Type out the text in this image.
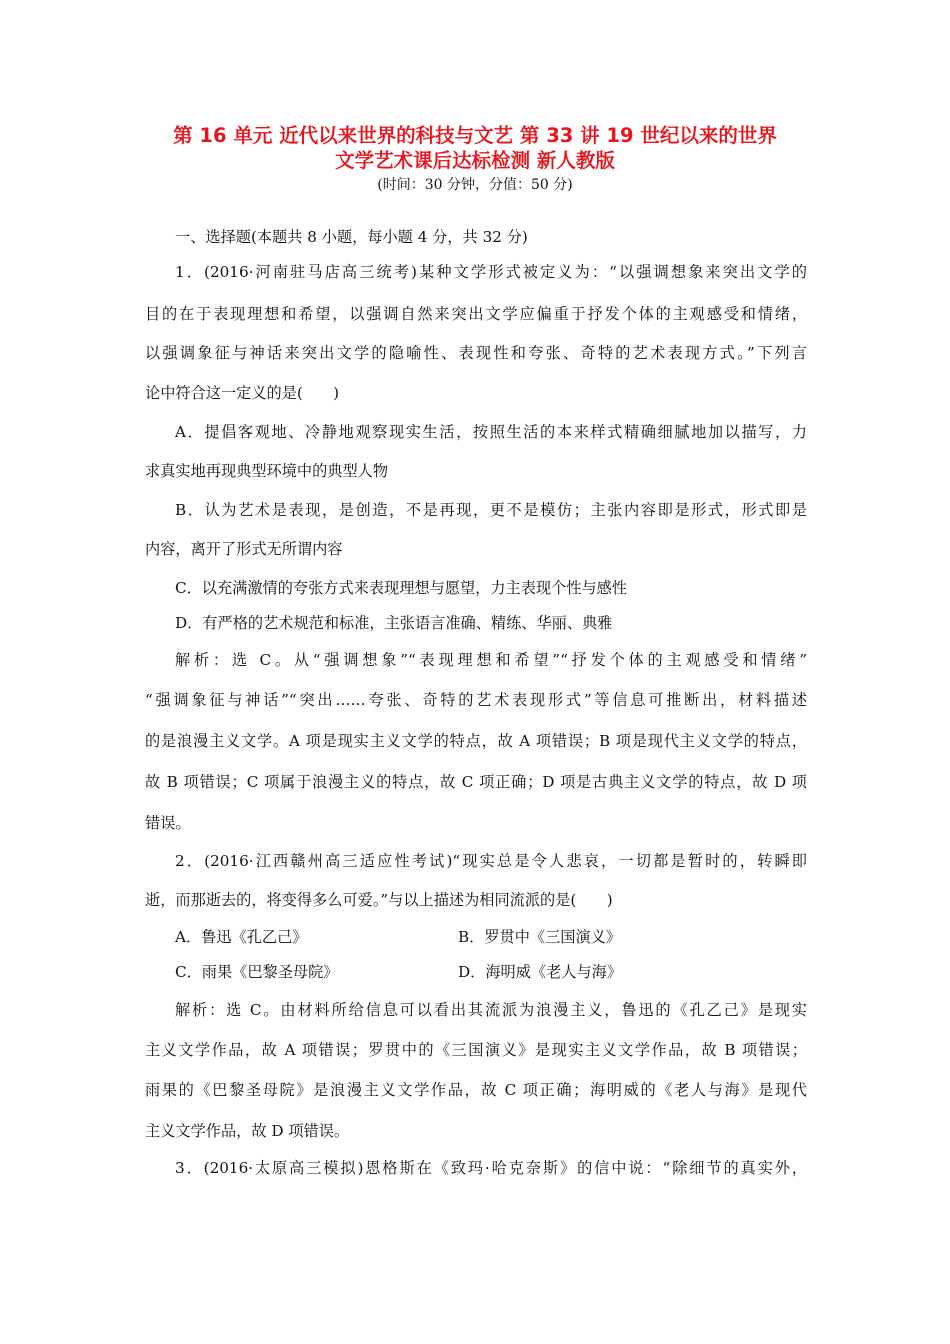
第 16 单元 近代以来世界的科技与文艺 第 33 讲 19 世纪以来的世界
文学艺术课后达标检测 新人教版
(时间：30 分钟，分值：50 分)
一、选择题(本题共 8 小题，每小题 4 分，共 32 分)
1．(2016·河南驻马店高三统考)某种文学形式被定义为：“以强调想象来突出文学的
目的在于表现理想和希望，以强调自然来突出文学应偏重于抒发个体的主观感受和情绪，
以强调象征与神话来突出文学的隐喻性、表现性和夸张、奇特的艺术表现方式。”下列言
论中符合这一定义的是(　　)
A．提倡客观地、冷静地观察现实生活，按照生活的本来样式精确细腻地加以描写，力
求真实地再现典型环境中的典型人物
B．认为艺术是表现，是创造，不是再现，更不是模仿；主张内容即是形式，形式即是
内容，离开了形式无所谓内容
C．以充满激情的夸张方式来表现理想与愿望，力主表现个性与感性
D．有严格的艺术规范和标准，主张语言准确、精练、华丽、典雅
解析：选 C。从“强调想象”“表现理想和希望”“抒发个体的主观感受和情绪”
“强调象征与神话”“突出……夸张、奇特的艺术表现形式”等信息可推断出，材料描述
的是浪漫主义文学。A 项是现实主义文学的特点，故 A 项错误；B 项是现代主义文学的特点，
故 B 项错误；C 项属于浪漫主义的特点，故 C 项正确；D 项是古典主义文学的特点，故 D 项
错误。
2．(2016·江西赣州高三适应性考试)“现实总是令人悲哀，一切都是暂时的，转瞬即
逝，而那逝去的，将变得多么可爱。”与以上描述为相同流派的是(　　)
A．鲁迅《孔乙己》	B．罗贯中《三国演义》
C．雨果《巴黎圣母院》	D．海明威《老人与海》
解析：选 C。由材料所给信息可以看出其流派为浪漫主义，鲁迅的《孔乙己》是现实
主义文学作品，故 A 项错误；罗贯中的《三国演义》是现实主义文学作品，故 B 项错误；
雨果的《巴黎圣母院》是浪漫主义文学作品，故 C 项正确；海明威的《老人与海》是现代
主义文学作品，故 D 项错误。
3．(2016·太原高三模拟)恩格斯在《致玛·哈克奈斯》的信中说：“除细节的真实外，
